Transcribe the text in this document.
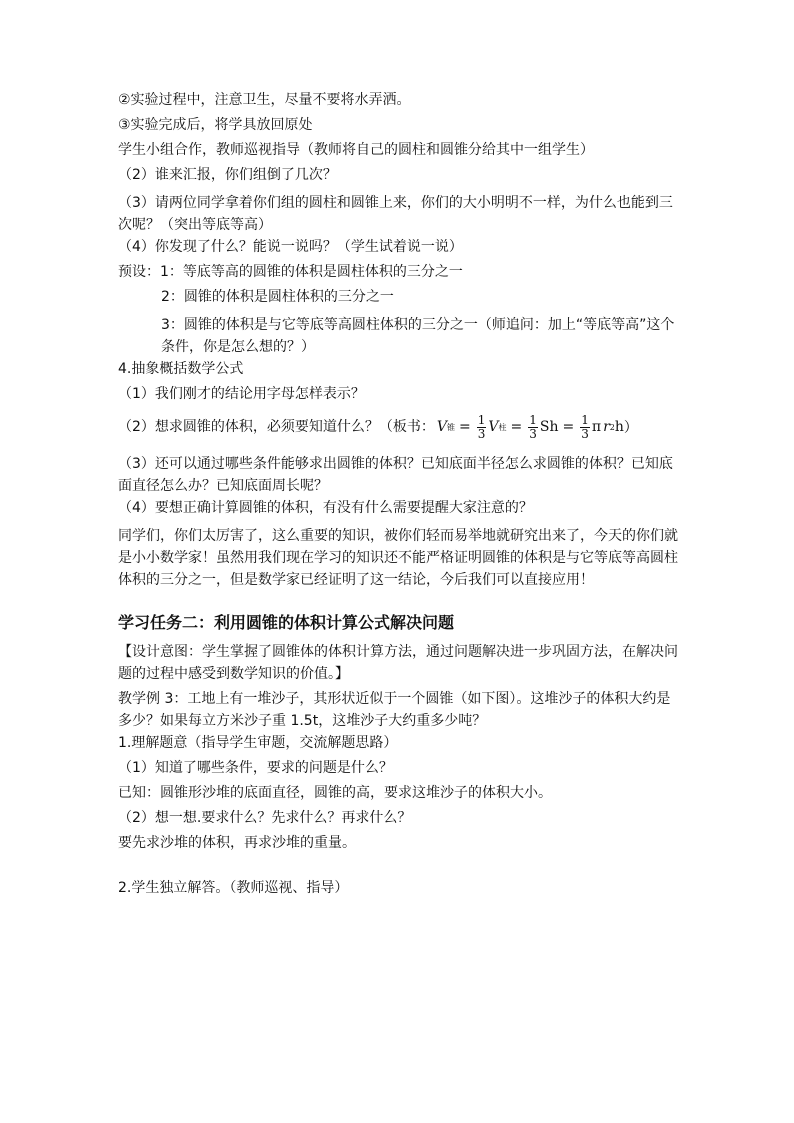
②实验过程中，注意卫生，尽量不要将水弄洒。

③实验完成后，将学具放回原处

学生小组合作，教师巡视指导（教师将自己的圆柱和圆锥分给其中一组学生）

（2）谁来汇报，你们组倒了几次？

（3）请两位同学拿着你们组的圆柱和圆锥上来，你们的大小明明不一样，为什么也能到三次呢？（突出等底等高）

（4）你发现了什么？能说一说吗？（学生试着说一说）

预设：1：等底等高的圆锥的体积是圆柱体积的三分之一

2：圆锥的体积是圆柱体积的三分之一

3：圆锥的体积是与它等底等高圆柱体积的三分之一（师追问：加上“等底等高”这个条件，你是怎么想的？）

4.抽象概括数学公式

（1）我们刚才的结论用字母怎样表示？

（2）想求圆锥的体积，必须要知道什么？（板书： V 锥 = $\frac{1}{3}$ V 柱 = $\frac{1}{3}$ $Sh = \frac{1}{3}$ π r 2 h ）

（3）还可以通过哪些条件能够求出圆锥的体积？已知底面半径怎么求圆锥的体积？已知底面直径怎么办？已知底面周长呢？

（4）要想正确计算圆锥的体积，有没有什么需要提醒大家注意的？

同学们，你们太厉害了，这么重要的知识，被你们轻而易举地就研究出来了，今天的你们就是小小数学家！虽然用我们现在学习的知识还不能严格证明圆锥的体积是与它等底等高圆柱体积的三分之一，但是数学家已经证明了这一结论，今后我们可以直接应用！

学习任务二：利用圆锥的体积计算公式解决问题

【设计意图：学生掌握了圆锥体的体积计算方法，通过问题解决进一步巩固方法，在解决问题的过程中感受到数学知识的价值。】

教学例 3：工地上有一堆沙子，其形状近似于一个圆锥（如下图）。这堆沙子的体积大约是多少？如果每立方米沙子重 1.5t，这堆沙子大约重多少吨？

1.理解题意（指导学生审题，交流解题思路）

（1）知道了哪些条件，要求的问题是什么？

已知：圆锥形沙堆的底面直径，圆锥的高，要求这堆沙子的体积大小。

（2）想一想.要求什么？先求什么？再求什么？

要先求沙堆的体积，再求沙堆的重量。

2.学生独立解答。（教师巡视、指导）
